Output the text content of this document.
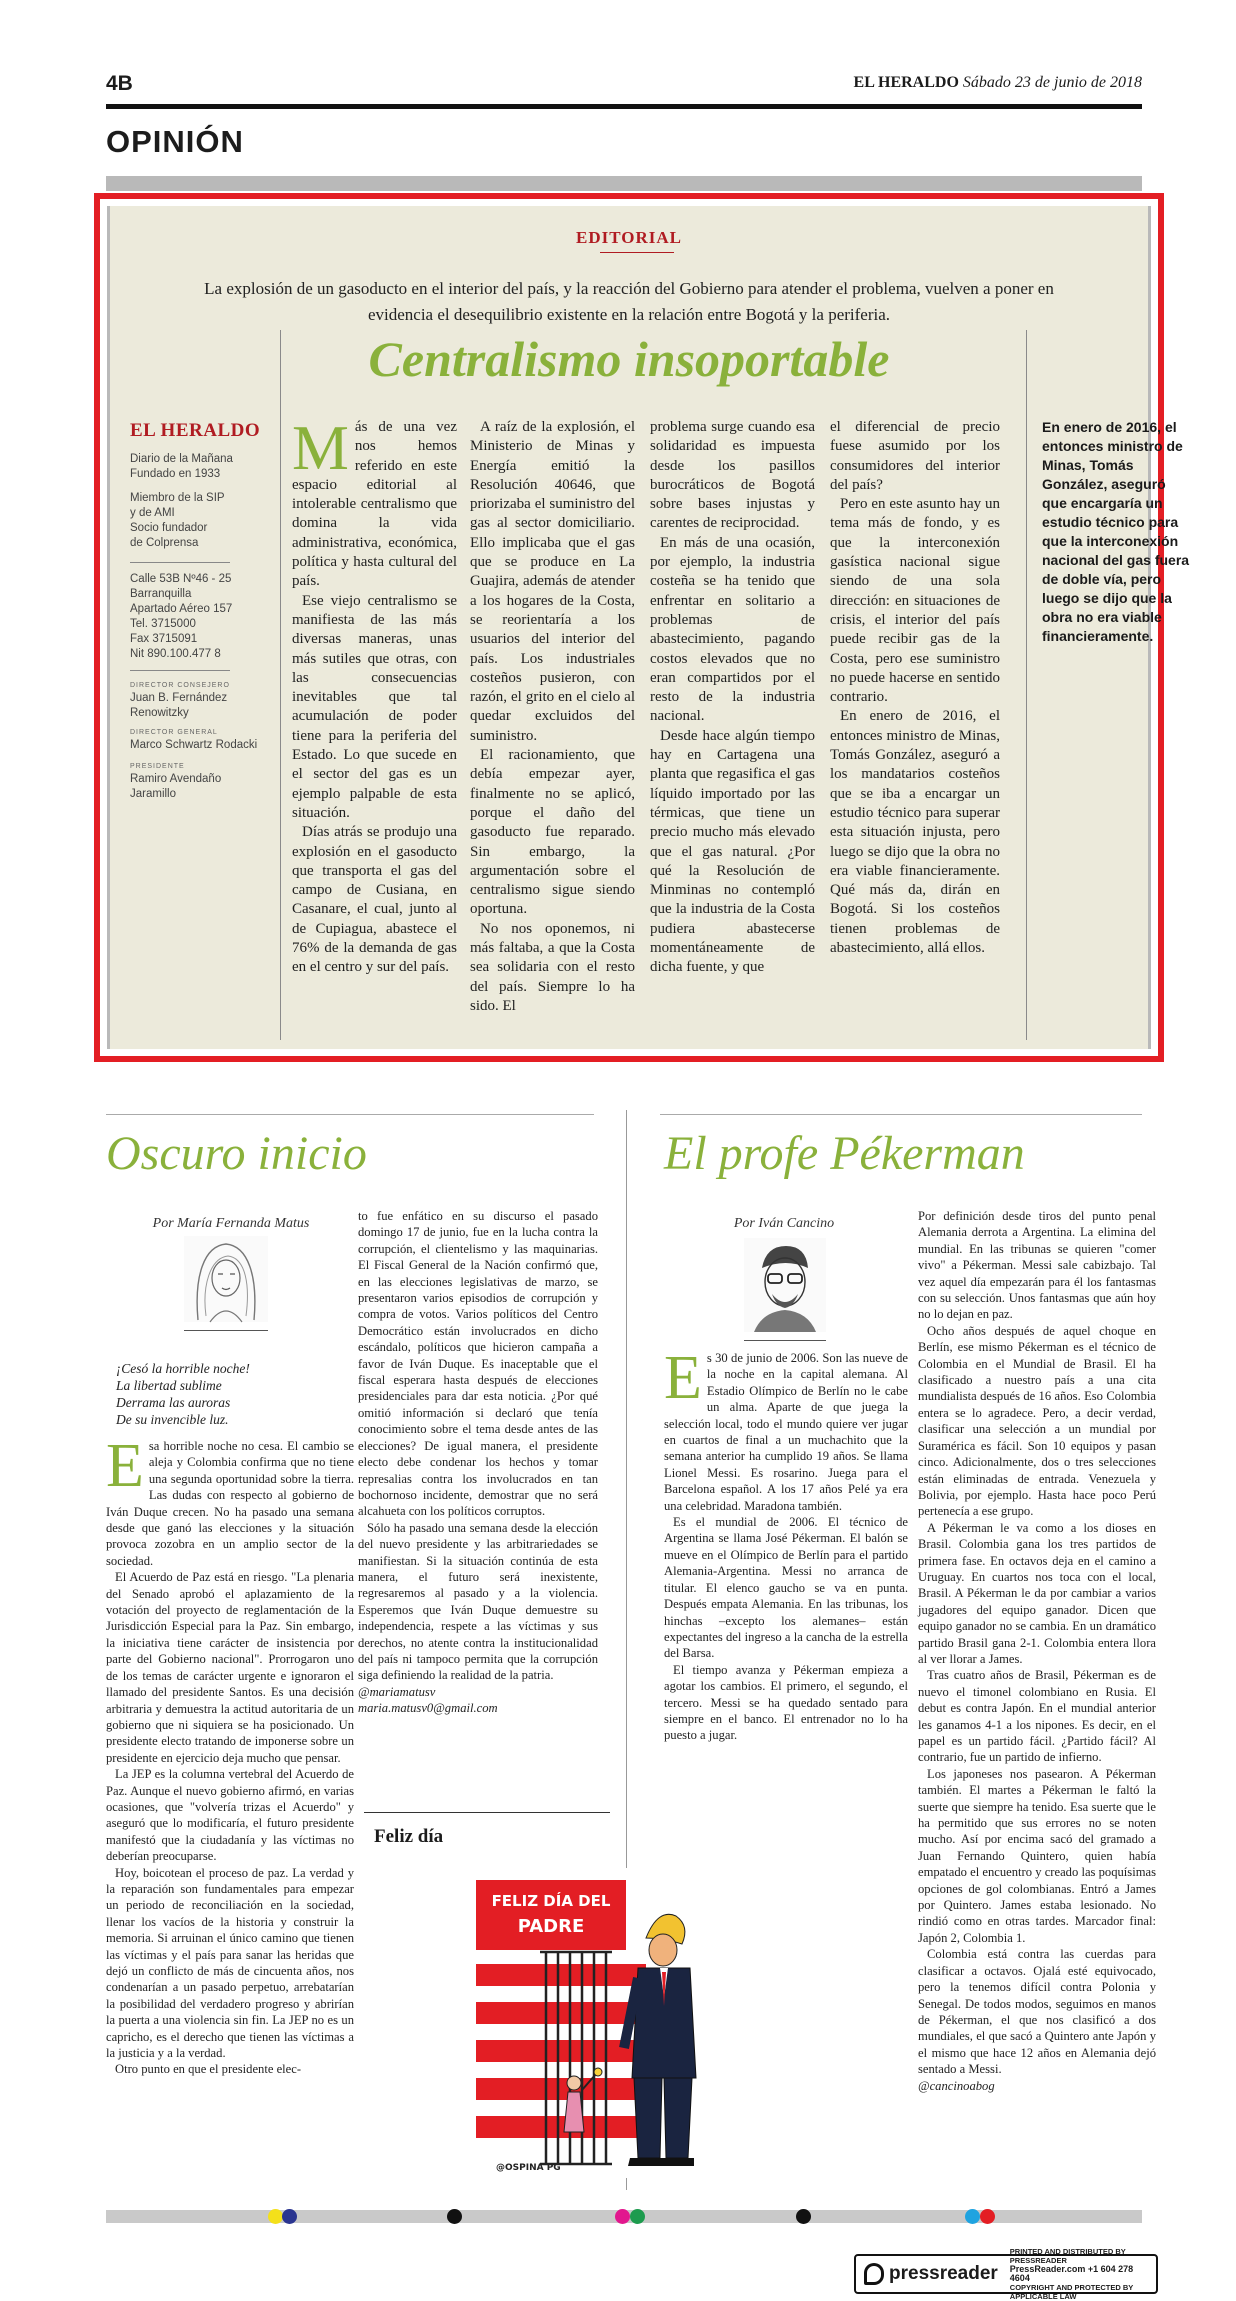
4B	EL HERALDO Sábado 23 de junio de 2018
OPINIÓN
EDITORIAL
La explosión de un gasoducto en el interior del país, y la reacción del Gobierno para atender el problema, vuelven a poner en evidencia el desequilibrio existente en la relación entre Bogotá y la periferia.
Centralismo insoportable
EL HERALDO
Diario de la Mañana
Fundado en 1933
Miembro de la SIP
y de AMI
Socio fundador
de Colprensa
Calle 53B Nº46 - 25
Barranquilla
Apartado Aéreo 157
Tel. 3715000
Fax 3715091
Nit 890.100.477 8
DIRECTOR CONSEJERO
Juan B. Fernández
Renowitzky
DIRECTOR GENERAL
Marco Schwartz Rodacki
PRESIDENTE
Ramiro Avendaño
Jaramillo
M ás de una vez nos hemos referido en este espacio editorial al intolerable centralismo que domina la vida administrativa, económica, política y hasta cultural del país.

Ese viejo centralismo se manifiesta de las más diversas maneras, unas más sutiles que otras, con las consecuencias inevitables que tal acumulación de poder tiene para la periferia del Estado. Lo que sucede en el sector del gas es un ejemplo palpable de esta situación.

Días atrás se produjo una explosión en el gasoducto que transporta el gas del campo de Cusiana, en Casanare, el cual, junto al de Cupiagua, abastece el 76% de la demanda de gas en el centro y sur del país.

A raíz de la explosión, el Ministerio de Minas y Energía emitió la Resolución 40646, que priorizaba el suministro del gas al sector domiciliario. Ello implicaba que el gas que se produce en La Guajira, además de atender a los hogares de la Costa, se reorientaría a los usuarios del interior del país. Los industriales costeños pusieron, con razón, el grito en el cielo al quedar excluidos del suministro.

El racionamiento, que debía empezar ayer, finalmente no se aplicó, porque el daño del gasoducto fue reparado. Sin embargo, la argumentación sobre el centralismo sigue siendo oportuna.

No nos oponemos, ni más faltaba, a que la Costa sea solidaria con el resto del país. Siempre lo ha sido. El

problema surge cuando esa solidaridad es impuesta desde los pasillos burocráticos de Bogotá sobre bases injustas y carentes de reciprocidad.

En más de una ocasión, por ejemplo, la industria costeña se ha tenido que enfrentar en solitario a problemas de abastecimiento, pagando costos elevados que no eran compartidos por el resto de la industria nacional.

Desde hace algún tiempo hay en Cartagena una planta que regasifica el gas líquido importado por las térmicas, que tiene un precio mucho más elevado que el gas natural. ¿Por qué la Resolución de Minminas no contempló que la industria de la Costa pudiera abastecerse momentáneamente de dicha fuente, y que

el diferencial de precio fuese asumido por los consumidores del interior del país?

Pero en este asunto hay un tema más de fondo, y es que la interconexión gasística nacional sigue siendo de una sola dirección: en situaciones de crisis, el interior del país puede recibir gas de la Costa, pero ese suministro no puede hacerse en sentido contrario.

En enero de 2016, el entonces ministro de Minas, Tomás González, aseguró a los mandatarios costeños que se iba a encargar un estudio técnico para superar esta situación injusta, pero luego se dijo que la obra no era viable financieramente. Qué más da, dirán en Bogotá. Si los costeños tienen problemas de abastecimiento, allá ellos.

En enero de 2016, el entonces ministro de Minas, Tomás González, aseguró que encargaría un estudio técnico para que la interconexión nacional del gas fuera de doble vía, pero luego se dijo que la obra no era viable financieramente.
Oscuro inicio
Por María Fernanda Matus
¡Cesó la horrible noche!
La libertad sublime
Derrama las auroras
De su invencible luz.
E sa horrible noche no cesa. El cambio se aleja y Colombia confirma que no tiene una segunda oportunidad sobre la tierra. Las dudas con respecto al gobierno de Iván Duque crecen. No ha pasado una semana desde que ganó las elecciones y la situación provoca zozobra en un amplio sector de la sociedad.

El Acuerdo de Paz está en riesgo. "La plenaria del Senado aprobó el aplazamiento de la votación del proyecto de reglamentación de la Jurisdicción Especial para la Paz. Sin embargo, la iniciativa tiene carácter de insistencia por parte del Gobierno nacional". Prorrogaron uno de los temas de carácter urgente e ignoraron el llamado del presidente Santos. Es una decisión arbitraria y demuestra la actitud autoritaria de un gobierno que ni siquiera se ha posicionado. Un presidente electo tratando de imponerse sobre un presidente en ejercicio deja mucho que pensar.

La JEP es la columna vertebral del Acuerdo de Paz. Aunque el nuevo gobierno afirmó, en varias ocasiones, que "volvería trizas el Acuerdo" y aseguró que lo modificaría, el futuro presidente manifestó que la ciudadanía y las víctimas no deberían preocuparse.

Hoy, boicotean el proceso de paz. La verdad y la reparación son fundamentales para empezar un periodo de reconciliación en la sociedad, llenar los vacíos de la historia y construir la memoria. Si arruinan el único camino que tienen las víctimas y el país para sanar las heridas que dejó un conflicto de más de cincuenta años, nos condenarían a un pasado perpetuo, arrebatarían la posibilidad del verdadero progreso y abrirían la puerta a una violencia sin fin. La JEP no es un capricho, es el derecho que tienen las víctimas a la justicia y a la verdad.

Otro punto en que el presidente elec-

to fue enfático en su discurso el pasado domingo 17 de junio, fue en la lucha contra la corrupción, el clientelismo y las maquinarias. El Fiscal General de la Nación confirmó que, en las elecciones legislativas de marzo, se presentaron varios episodios de corrupción y compra de votos. Varios políticos del Centro Democrático están involucrados en dicho escándalo, políticos que hicieron campaña a favor de Iván Duque. Es inaceptable que el fiscal esperara hasta después de elecciones presidenciales para dar esta noticia. ¿Por qué omitió información si declaró que tenía conocimiento sobre el tema desde antes de las elecciones? De igual manera, el presidente electo debe condenar los hechos y tomar represalias contra los involucrados en tan bochornoso incidente, demostrar que no será alcahueta con los políticos corruptos.

Sólo ha pasado una semana desde la elección del nuevo presidente y las arbitrariedades se manifiestan. Si la situación continúa de esta manera, el futuro será inexistente, regresaremos al pasado y a la violencia. Esperemos que Iván Duque demuestre su independencia, respete a las víctimas y sus derechos, no atente contra la institucionalidad del país ni tampoco permita que la corrupción siga definiendo la realidad de la patria.

@mariamatusv

maria.matusv0@gmail.com

Feliz día
FELIZ DÍA DEL
PADRE
@OSPINA PG
El profe Pékerman
Por Iván Cancino
E s 30 de junio de 2006. Son las nueve de la noche en la capital alemana. Al Estadio Olímpico de Berlín no le cabe un alma. Aparte de que juega la selección local, todo el mundo quiere ver jugar en cuartos de final a un muchachito que la semana anterior ha cumplido 19 años. Se llama Lionel Messi. Es rosarino. Juega para el Barcelona español. A los 17 años Pelé ya era una celebridad. Maradona también.

Es el mundial de 2006. El técnico de Argentina se llama José Pékerman. El balón se mueve en el Olímpico de Berlín para el partido Alemania-Argentina. Messi no arranca de titular. El elenco gaucho se va en punta. Después empata Alemania. En las tribunas, los hinchas –excepto los alemanes– están expectantes del ingreso a la cancha de la estrella del Barsa.

El tiempo avanza y Pékerman empieza a agotar los cambios. El primero, el segundo, el tercero. Messi se ha quedado sentado para siempre en el banco. El entrenador no lo ha puesto a jugar.

Por definición desde tiros del punto penal Alemania derrota a Argentina. La elimina del mundial. En las tribunas se quieren "comer vivo" a Pékerman. Messi sale cabizbajo. Tal vez aquel día empezarán para él los fantasmas con su selección. Unos fantasmas que aún hoy no lo dejan en paz.

Ocho años después de aquel choque en Berlín, ese mismo Pékerman es el técnico de Colombia en el Mundial de Brasil. El ha clasificado a nuestro país a una cita mundialista después de 16 años. Eso Colombia entera se lo agradece. Pero, a decir verdad, clasificar una selección a un mundial por Suramérica es fácil. Son 10 equipos y pasan cinco. Adicionalmente, dos o tres selecciones están eliminadas de entrada. Venezuela y Bolivia, por ejemplo. Hasta hace poco Perú pertenecía a ese grupo.

A Pékerman le va como a los dioses en Brasil. Colombia gana los tres partidos de primera fase. En octavos deja en el camino a Uruguay. En cuartos nos toca con el local, Brasil. A Pékerman le da por cambiar a varios jugadores del equipo ganador. Dicen que equipo ganador no se cambia. En un dramático partido Brasil gana 2-1. Colombia entera llora al ver llorar a James.

Tras cuatro años de Brasil, Pékerman es de nuevo el timonel colombiano en Rusia. El debut es contra Japón. En el mundial anterior les ganamos 4-1 a los nipones. Es decir, en el papel es un partido fácil. ¿Partido fácil? Al contrario, fue un partido de infierno.

Los japoneses nos pasearon. A Pékerman también. El martes a Pékerman le faltó la suerte que siempre ha tenido. Esa suerte que le ha permitido que sus errores no se noten mucho. Así por encima sacó del gramado a Juan Fernando Quintero, quien había empatado el encuentro y creado las poquísimas opciones de gol colombianas. Entró a James por Quintero. James estaba lesionado. No rindió como en otras tardes. Marcador final: Japón 2, Colombia 1.

Colombia está contra las cuerdas para clasificar a octavos. Ojalá esté equivocado, pero la tenemos difícil contra Polonia y Senegal. De todos modos, seguimos en manos de Pékerman, el que nos clasificó a dos mundiales, el que sacó a Quintero ante Japón y el mismo que hace 12 años en Alemania dejó sentado a Messi.

@cancinoabog

pressreader
PRINTED AND DISTRIBUTED BY PRESSREADER
PressReader.com +1 604 278 4604
COPYRIGHT AND PROTECTED BY APPLICABLE LAW
